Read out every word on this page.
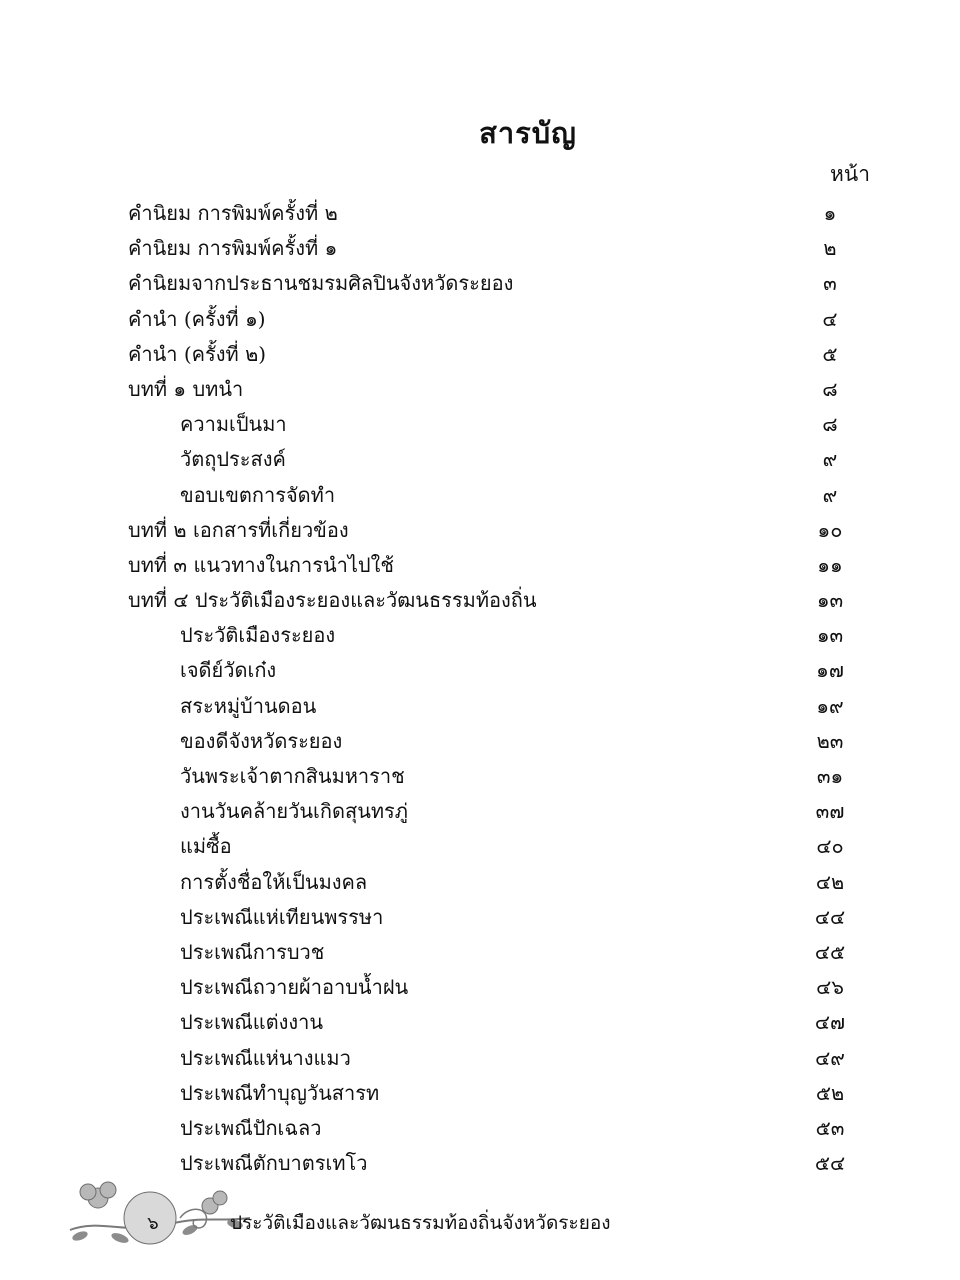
สารบัญ
หน้า
คำนิยม การพิมพ์ครั้งที่ ๒	๑
คำนิยม การพิมพ์ครั้งที่ ๑	๒
คำนิยมจากประธานชมรมศิลปินจังหวัดระยอง	๓
คำนำ (ครั้งที่ ๑)	๔
คำนำ (ครั้งที่ ๒)	๕
บทที่ ๑ บทนำ	๘
ความเป็นมา	๘
วัตถุประสงค์	๙
ขอบเขตการจัดทำ	๙
บทที่ ๒ เอกสารที่เกี่ยวข้อง	๑๐
บทที่ ๓ แนวทางในการนำไปใช้	๑๑
บทที่ ๔ ประวัติเมืองระยองและวัฒนธรรมท้องถิ่น	๑๓
ประวัติเมืองระยอง	๑๓
เจดีย์วัดเก๋ง	๑๗
สระหมู่บ้านดอน	๑๙
ของดีจังหวัดระยอง	๒๓
วันพระเจ้าตากสินมหาราช	๓๑
งานวันคล้ายวันเกิดสุนทรภู่	๓๗
แม่ซื้อ	๔๐
การตั้งชื่อให้เป็นมงคล	๔๒
ประเพณีแห่เทียนพรรษา	๔๔
ประเพณีการบวช	๔๕
ประเพณีถวายผ้าอาบน้ำฝน	๔๖
ประเพณีแต่งงาน	๔๗
ประเพณีแห่นางแมว	๔๙
ประเพณีทำบุญวันสารท	๕๒
ประเพณีปักเฉลว	๕๓
ประเพณีตักบาตรเทโว	๕๔
๖	ประวัติเมืองและวัฒนธรรมท้องถิ่นจังหวัดระยอง
